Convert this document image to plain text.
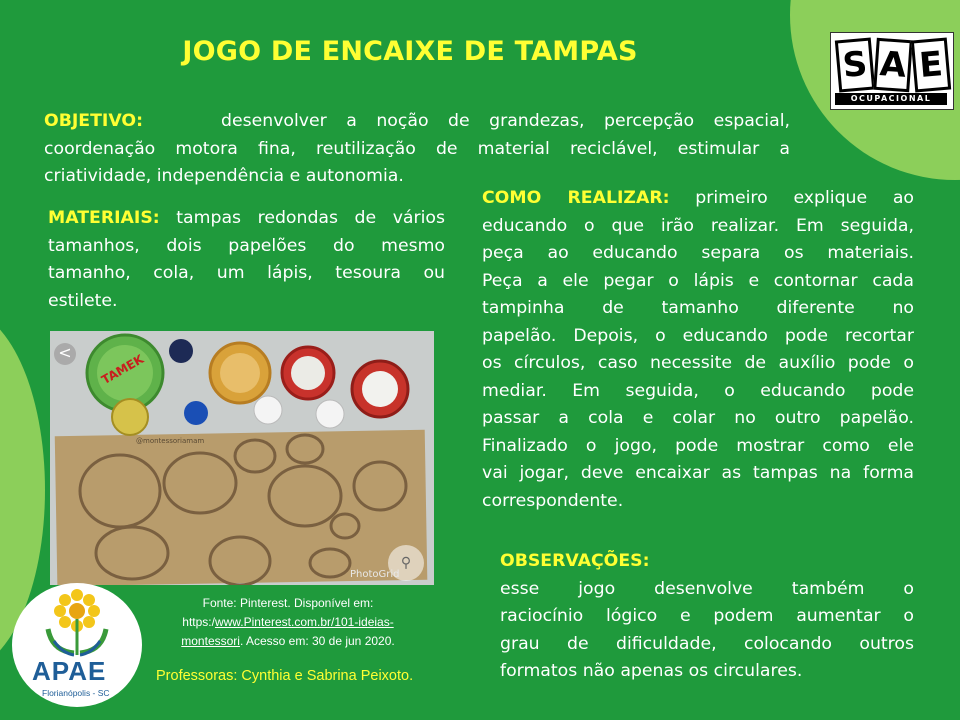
JOGO DE ENCAIXE DE TAMPAS	S A E
OCUPACIONAL
OBJETIVO:	desenvolver a noção de grandezas, percepção espacial,
coordenação motora fina, reutilização de material reciclável, estimular a
criatividade, independência e autonomia.
MATERIAIS: tampas redondas de vários
tamanhos, dois papelões do mesmo
tamanho, cola, um lápis, tesoura ou
estilete.
COMO REALIZAR: primeiro explique ao
educando o que irão realizar. Em seguida,
peça ao educando separa os materiais.
Peça a ele pegar o lápis e contornar cada
tampinha de tamanho diferente no
papelão. Depois, o educando pode recortar
os círculos, caso necessite de auxílio pode o
mediar. Em seguida, o educando pode
passar a cola e colar no outro papelão.
Finalizado o jogo, pode mostrar como ele
vai jogar, deve encaixar as tampas na forma
correspondente.
OBSERVAÇÕES:
esse jogo desenvolve também o
raciocínio lógico e podem aumentar o
grau de dificuldade, colocando outros
formatos não apenas os circulares.
TAMEK
<
@montessoriamam
⚲
PhotoGrid
Fonte: Pinterest. Disponível em:
https:/www.Pinterest.com.br/101-ideias-
montessori. Acesso em: 30 de jun 2020.
Professoras: Cynthia e Sabrina Peixoto.
APAE
Florianópolis - SC
